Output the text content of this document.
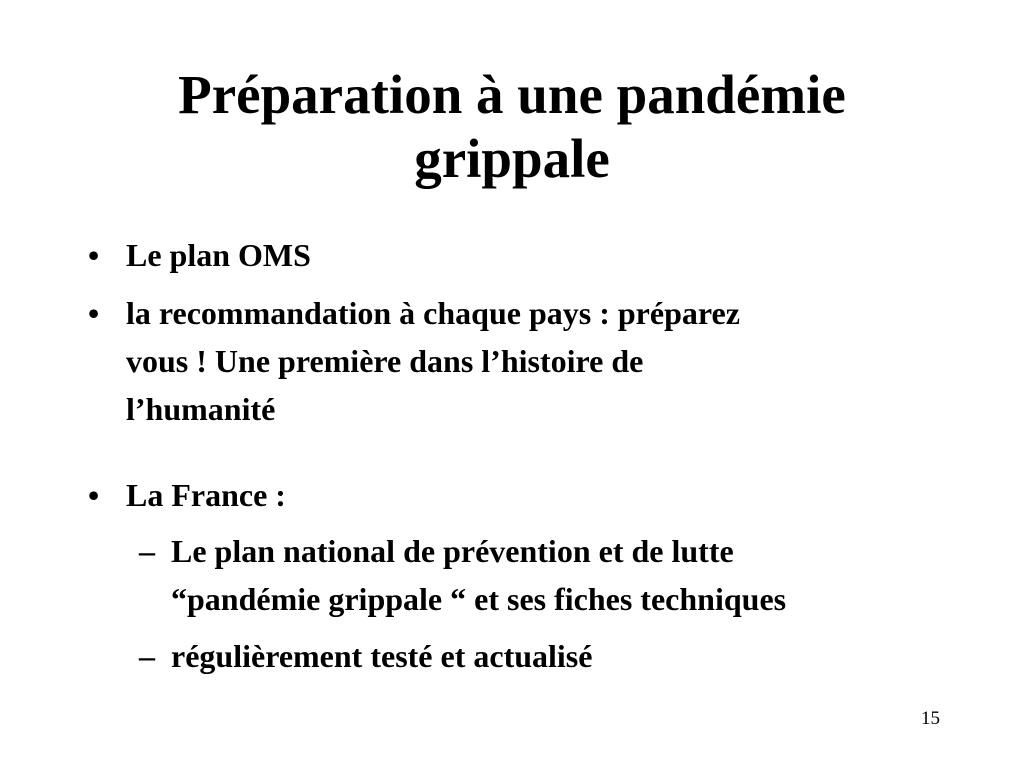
Préparation à une pandémie
grippale
• Le plan OMS
• la recommandation à chaque pays : préparez
vous ! Une première dans l’histoire de
l’humanité
• La France :
– Le plan national de prévention et de lutte
“pandémie grippale “ et ses fiches techniques
– régulièrement testé et actualisé
15
